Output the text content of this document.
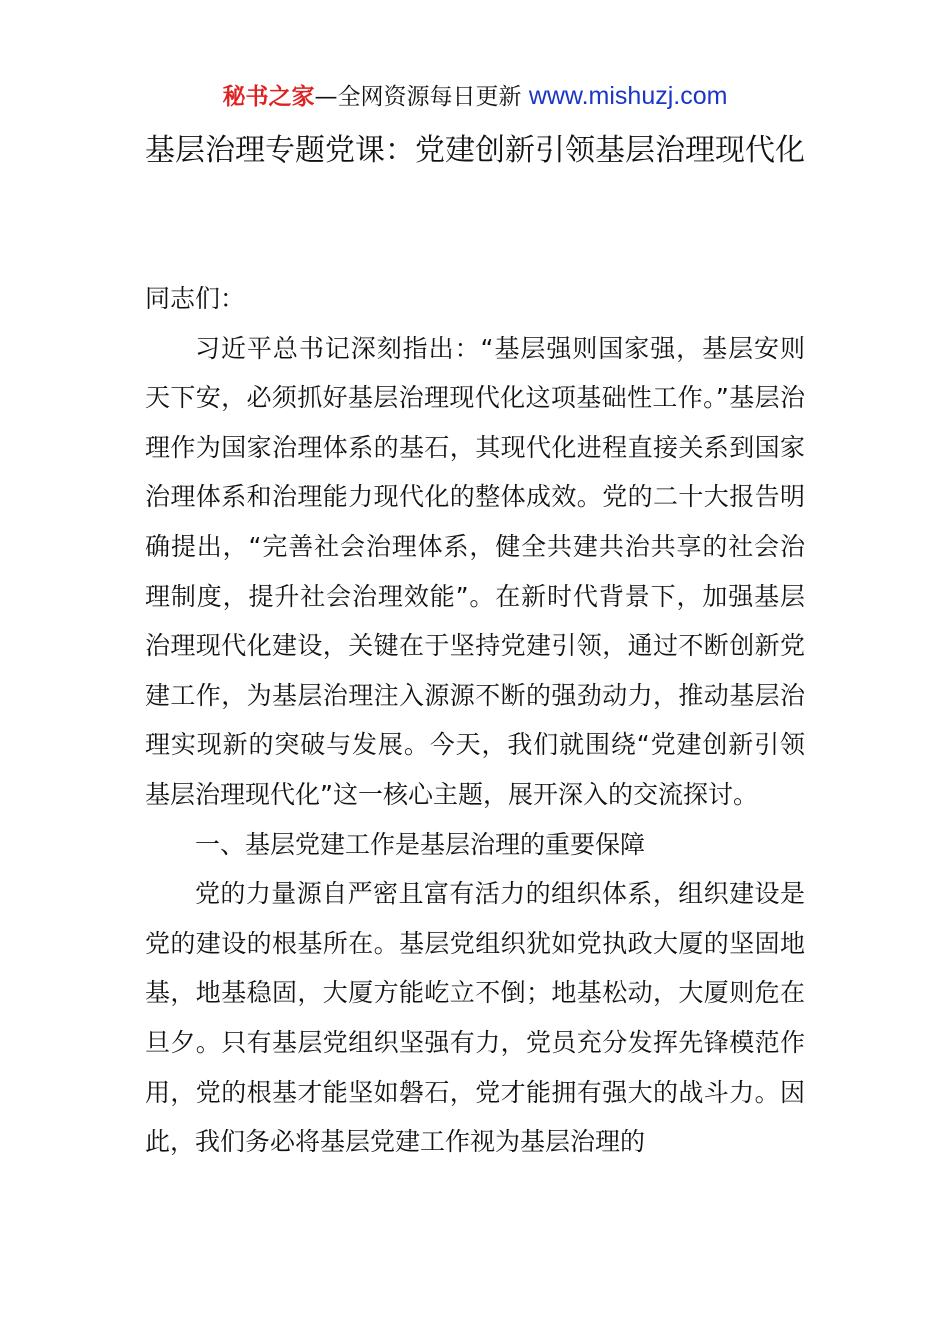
秘书之家—全网资源每日更新 www.mishuzj.com
基层治理专题党课：党建创新引领基层治理现代化

同志们：

习近平总书记深刻指出：“基层强则国家强，基层安则天下安，必须抓好基层治理现代化这项基础性工作。”基层治理作为国家治理体系的基石，其现代化进程直接关系到国家治理体系和治理能力现代化的整体成效。党的二十大报告明确提出，“完善社会治理体系，健全共建共治共享的社会治理制度，提升社会治理效能”。在新时代背景下，加强基层治理现代化建设，关键在于坚持党建引领，通过不断创新党建工作，为基层治理注入源源不断的强劲动力，推动基层治理实现新的突破与发展。今天，我们就围绕“党建创新引领基层治理现代化”这一核心主题，展开深入的交流探讨。

一、基层党建工作是基层治理的重要保障

党的力量源自严密且富有活力的组织体系，组织建设是党的建设的根基所在。基层党组织犹如党执政大厦的坚固地基，地基稳固，大厦方能屹立不倒；地基松动，大厦则危在旦夕。只有基层党组织坚强有力，党员充分发挥先锋模范作用，党的根基才能坚如磐石，党才能拥有强大的战斗力。因此，我们务必将基层党建工作视为基层治理的
